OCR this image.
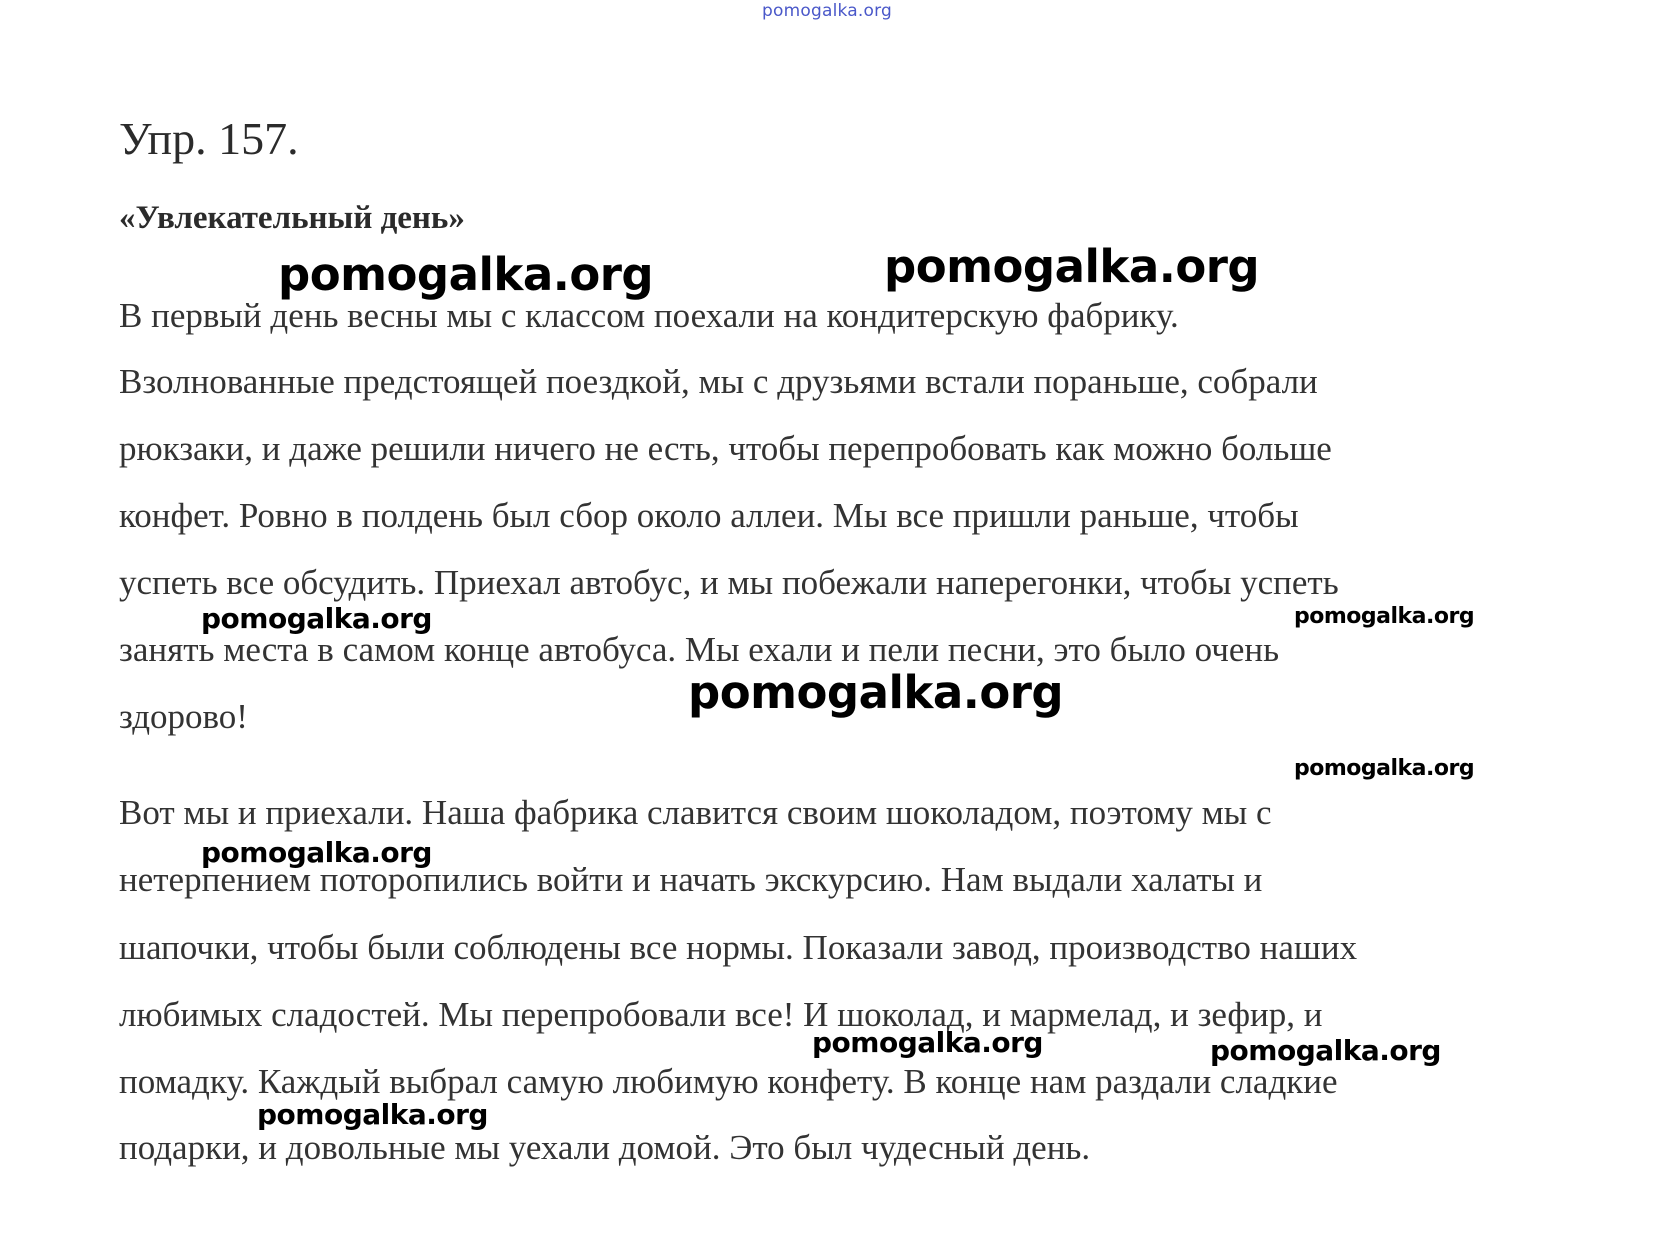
pomogalka.org
Упр. 157.
«Увлекательный день»
В первый день весны мы с классом поехали на кондитерскую фабрику.
Взолнованные предстоящей поездкой, мы с друзьями встали пораньше, собрали
рюкзаки, и даже решили ничего не есть, чтобы перепробовать как можно больше
конфет. Ровно в полдень был сбор около аллеи. Мы все пришли раньше, чтобы
успеть все обсудить. Приехал автобус, и мы побежали наперегонки, чтобы успеть
занять места в самом конце автобуса. Мы ехали и пели песни, это было очень
здорово!
Вот мы и приехали. Наша фабрика славится своим шоколадом, поэтому мы с
нетерпением поторопились войти и начать экскурсию. Нам выдали халаты и
шапочки, чтобы были соблюдены все нормы. Показали завод, производство наших
любимых сладостей. Мы перепробовали все! И шоколад, и мармелад, и зефир, и
помадку. Каждый выбрал самую любимую конфету. В конце нам раздали сладкие
подарки, и довольные мы уехали домой. Это был чудесный день.
pomogalka.org	pomogalka.org
pomogalka.org	pomogalka.org
pomogalka.org
pomogalka.org
pomogalka.org
pomogalka.org	pomogalka.org
pomogalka.org
